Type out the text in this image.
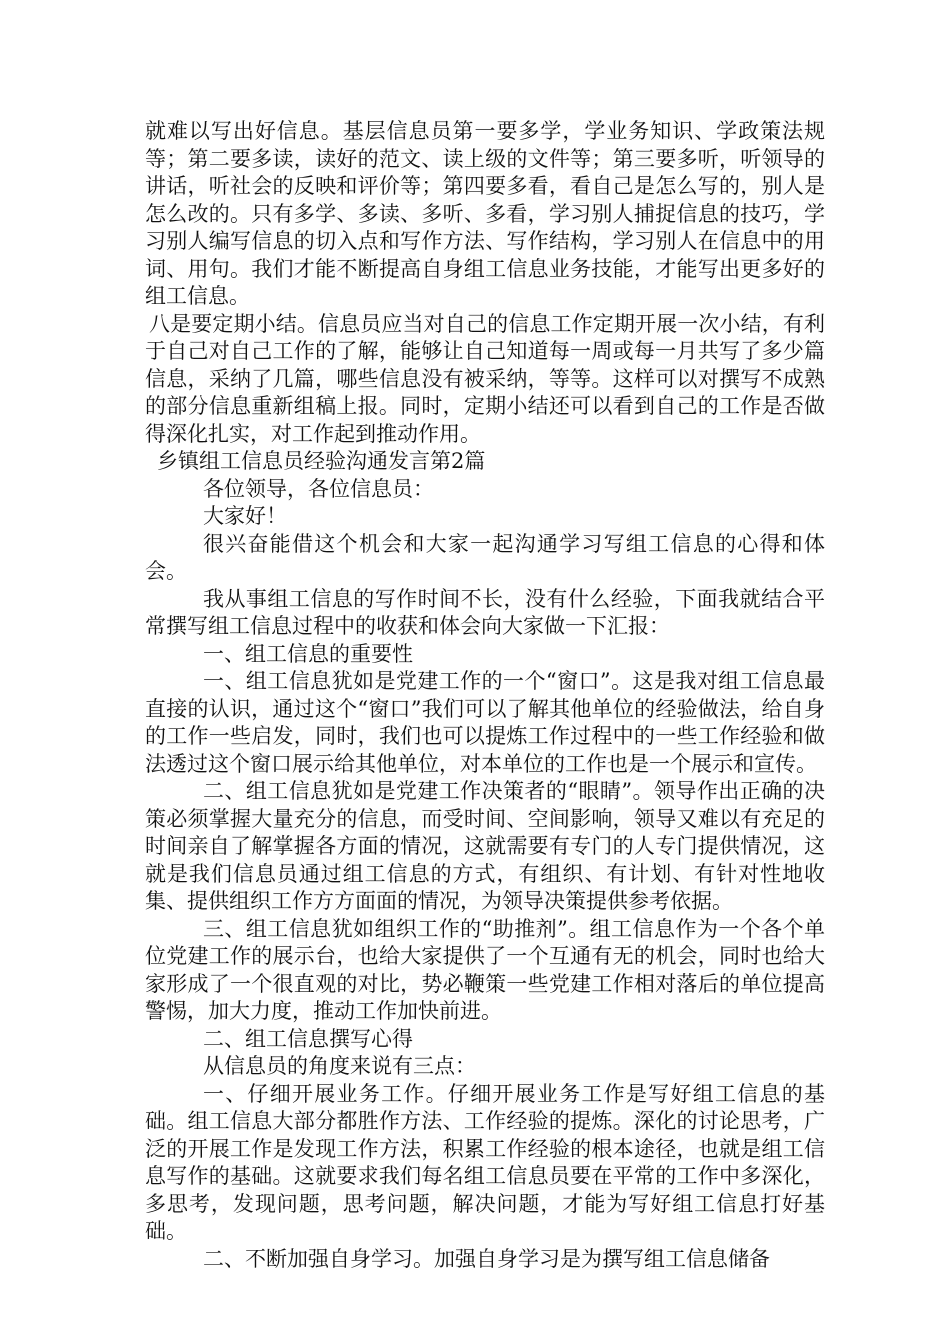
就难以写出好信息。基层信息员第一要多学，学业务知识、学政策法规等；第二要多读，读好的范文、读上级的文件等；第三要多听，听领导的讲话，听社会的反映和评价等；第四要多看，看自己是怎么写的，别人是怎么改的。只有多学、多读、多听、多看，学习别人捕捉信息的技巧，学习别人编写信息的切入点和写作方法、写作结构，学习别人在信息中的用词、用句。我们才能不断提高自身组工信息业务技能，才能写出更多好的组工信息。

八是要定期小结。信息员应当对自己的信息工作定期开展一次小结，有利于自己对自己工作的了解，能够让自己知道每一周或每一月共写了多少篇信息，采纳了几篇，哪些信息没有被采纳，等等。这样可以对撰写不成熟的部分信息重新组稿上报。同时，定期小结还可以看到自己的工作是否做得深化扎实，对工作起到推动作用。

乡镇组工信息员经验沟通发言第2篇

各位领导，各位信息员：

大家好！

很兴奋能借这个机会和大家一起沟通学习写组工信息的心得和体会。

我从事组工信息的写作时间不长，没有什么经验，下面我就结合平常撰写组工信息过程中的收获和体会向大家做一下汇报：

一、组工信息的重要性

一、组工信息犹如是党建工作的一个“窗口”。这是我对组工信息最直接的认识，通过这个“窗口”我们可以了解其他单位的经验做法，给自身的工作一些启发，同时，我们也可以提炼工作过程中的一些工作经验和做法透过这个窗口展示给其他单位，对本单位的工作也是一个展示和宣传。

二、组工信息犹如是党建工作决策者的“眼睛”。领导作出正确的决策必须掌握大量充分的信息，而受时间、空间影响，领导又难以有充足的时间亲自了解掌握各方面的情况，这就需要有专门的人专门提供情况，这就是我们信息员通过组工信息的方式，有组织、有计划、有针对性地收集、提供组织工作方方面面的情况，为领导决策提供参考依据。

三、组工信息犹如组织工作的“助推剂”。组工信息作为一个各个单位党建工作的展示台，也给大家提供了一个互通有无的机会，同时也给大家形成了一个很直观的对比，势必鞭策一些党建工作相对落后的单位提高警惕，加大力度，推动工作加快前进。

二、组工信息撰写心得

从信息员的角度来说有三点：

一、仔细开展业务工作。仔细开展业务工作是写好组工信息的基础。组工信息大部分都胜作方法、工作经验的提炼。深化的讨论思考，广泛的开展工作是发现工作方法，积累工作经验的根本途径，也就是组工信息写作的基础。这就要求我们每名组工信息员要在平常的工作中多深化，多思考，发现问题，思考问题，解决问题，才能为写好组工信息打好基础。

二、不断加强自身学习。加强自身学习是为撰写组工信息储备
